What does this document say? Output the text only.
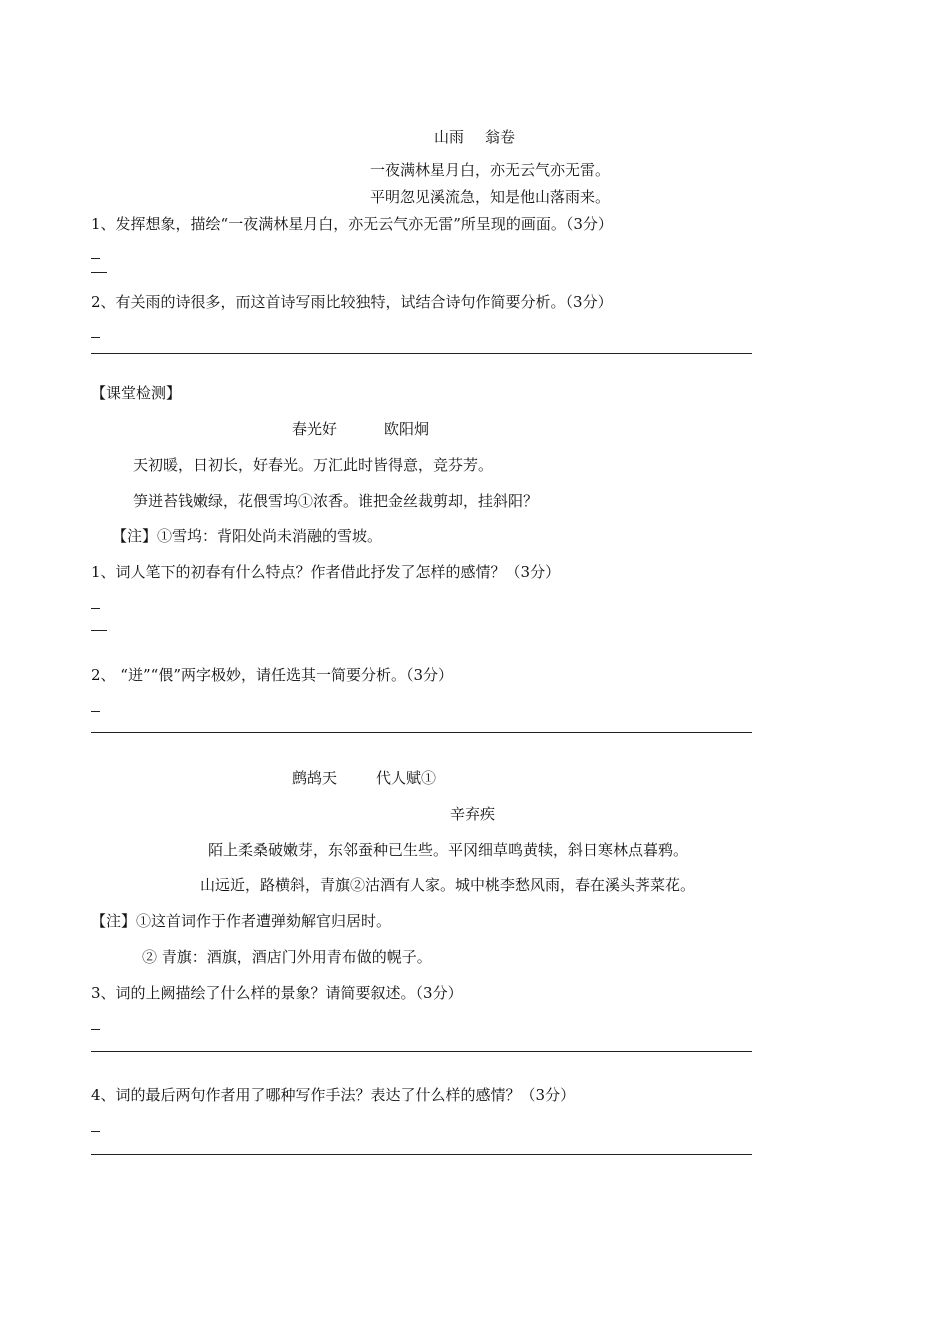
山雨 翁卷
一夜满林星月白，亦无云气亦无雷。
平明忽见溪流急，知是他山落雨来。
1、发挥想象，描绘“一夜满林星月白，亦无云气亦无雷”所呈现的画面。（3分）
2、有关雨的诗很多，而这首诗写雨比较独特，试结合诗句作简要分析。（3分）
【课堂检测】
春光好	欧阳炯
天初暖，日初长，好春光。万汇此时皆得意，竞芬芳。
笋迸苔钱嫩绿，花偎雪坞①浓香。谁把金丝裁剪却，挂斜阳？
【注】①雪坞：背阳处尚未消融的雪坡。
1、词人笔下的初春有什么特点？作者借此抒发了怎样的感情？（3分）
2、 “迸”“偎”两字极妙，请任选其一简要分析。（3分）
鹧鸪天	代人赋①
辛弃疾
陌上柔桑破嫩芽，东邻蚕种已生些。平冈细草鸣黄犊，斜日寒林点暮鸦。
山远近，路横斜，青旗②沽酒有人家。城中桃李愁风雨，春在溪头荠菜花。
【注】①这首词作于作者遭弹劾解官归居时。
② 青旗：酒旗，酒店门外用青布做的幌子。
3、词的上阙描绘了什么样的景象？请简要叙述。（3分）
4、词的最后两句作者用了哪种写作手法？表达了什么样的感情？（3分）
